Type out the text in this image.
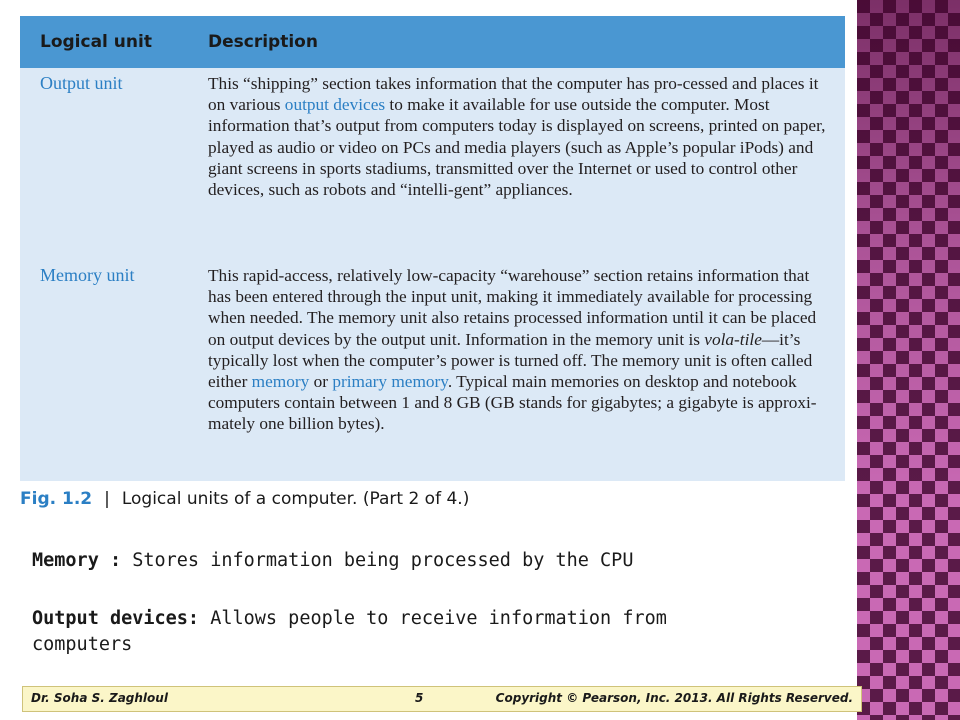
Logical unit	Description
Output unit	This “shipping” section takes information that the computer has pro-cessed and places it on various output devices to make it available for use outside the computer. Most information that’s output from computers today is displayed on screens, printed on paper, played as audio or video on PCs and media players (such as Apple’s popular iPods) and giant screens in sports stadiums, transmitted over the Internet or used to control other devices, such as robots and “intelli-gent” appliances.
Memory unit	This rapid-access, relatively low-capacity “warehouse” section retains information that has been entered through the input unit, making it immediately available for processing when needed. The memory unit also retains processed information until it can be placed on output devices by the output unit. Information in the memory unit is vola-tile—it’s typically lost when the computer’s power is turned off. The memory unit is often called either memory or primary memory. Typical main memories on desktop and notebook computers contain between 1 and 8 GB (GB stands for gigabytes; a gigabyte is approxi-mately one billion bytes).
Fig. 1.2 | Logical units of a computer. (Part 2 of 4.)
Memory : Stores information being processed by the CPU
Output devices: Allows people to receive information from computers
Dr. Soha S. Zaghloul	5	Copyright © Pearson, Inc. 2013. All Rights Reserved.
